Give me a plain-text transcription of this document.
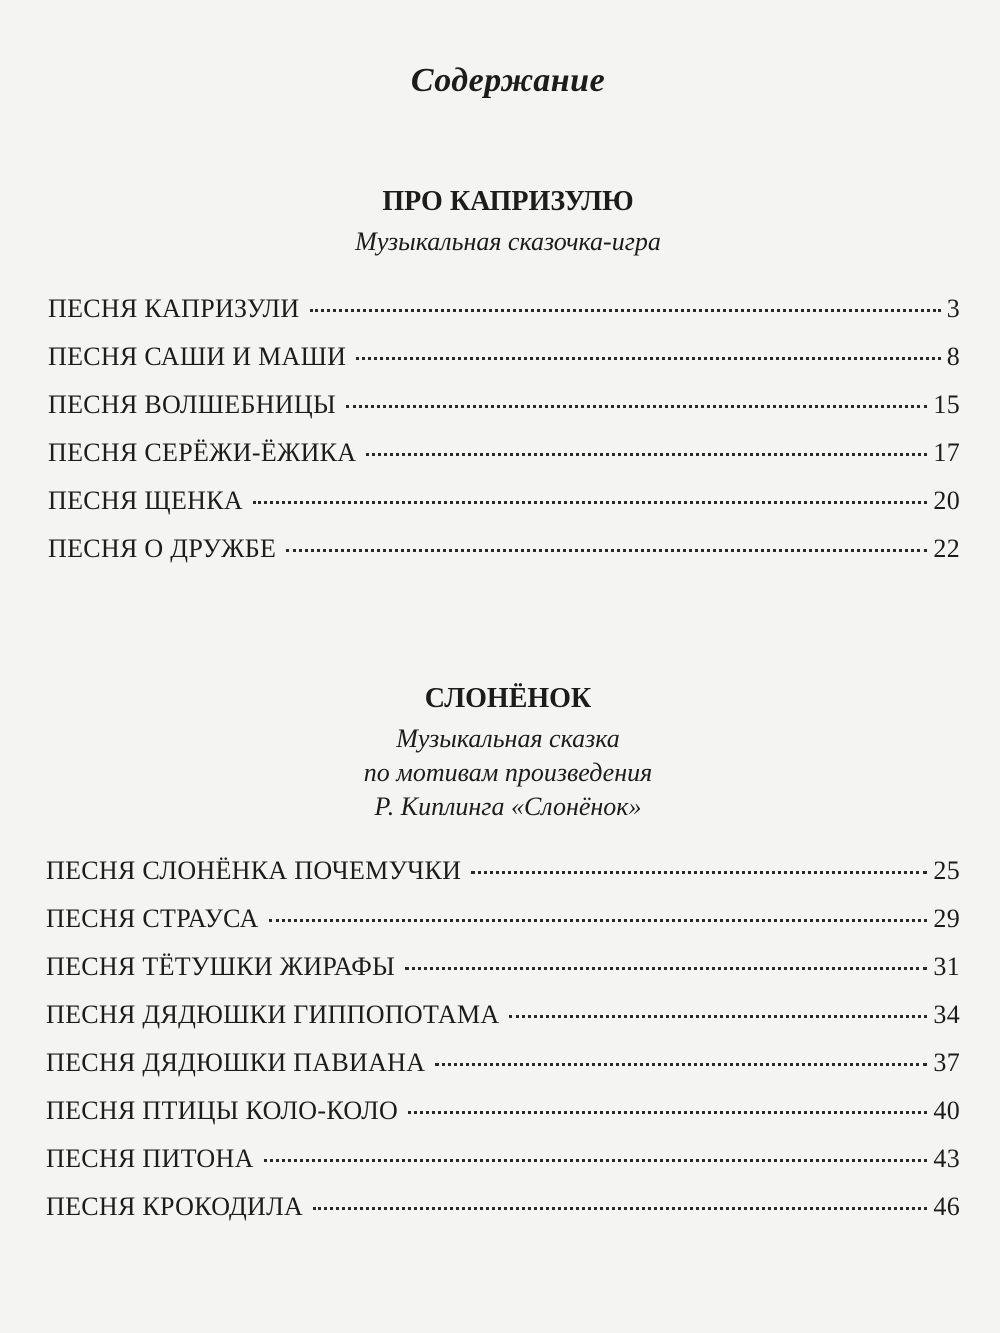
Содержание
ПРО КАПРИЗУЛЮ
Музыкальная сказочка-игра
ПЕСНЯ КАПРИЗУЛИ	3
ПЕСНЯ САШИ И МАШИ	8
ПЕСНЯ ВОЛШЕБНИЦЫ	15
ПЕСНЯ СЕРЁЖИ-ЁЖИКА	17
ПЕСНЯ ЩЕНКА	20
ПЕСНЯ О ДРУЖБЕ	22
СЛОНЁНОК
Музыкальная сказка
по мотивам произведения
Р. Киплинга «Слонёнок»
ПЕСНЯ СЛОНЁНКА ПОЧЕМУЧКИ	25
ПЕСНЯ СТРАУСА	29
ПЕСНЯ ТЁТУШКИ ЖИРАФЫ	31
ПЕСНЯ ДЯДЮШКИ ГИППОПОТАМА	34
ПЕСНЯ ДЯДЮШКИ ПАВИАНА	37
ПЕСНЯ ПТИЦЫ КОЛО-КОЛО	40
ПЕСНЯ ПИТОНА	43
ПЕСНЯ КРОКОДИЛА	46
